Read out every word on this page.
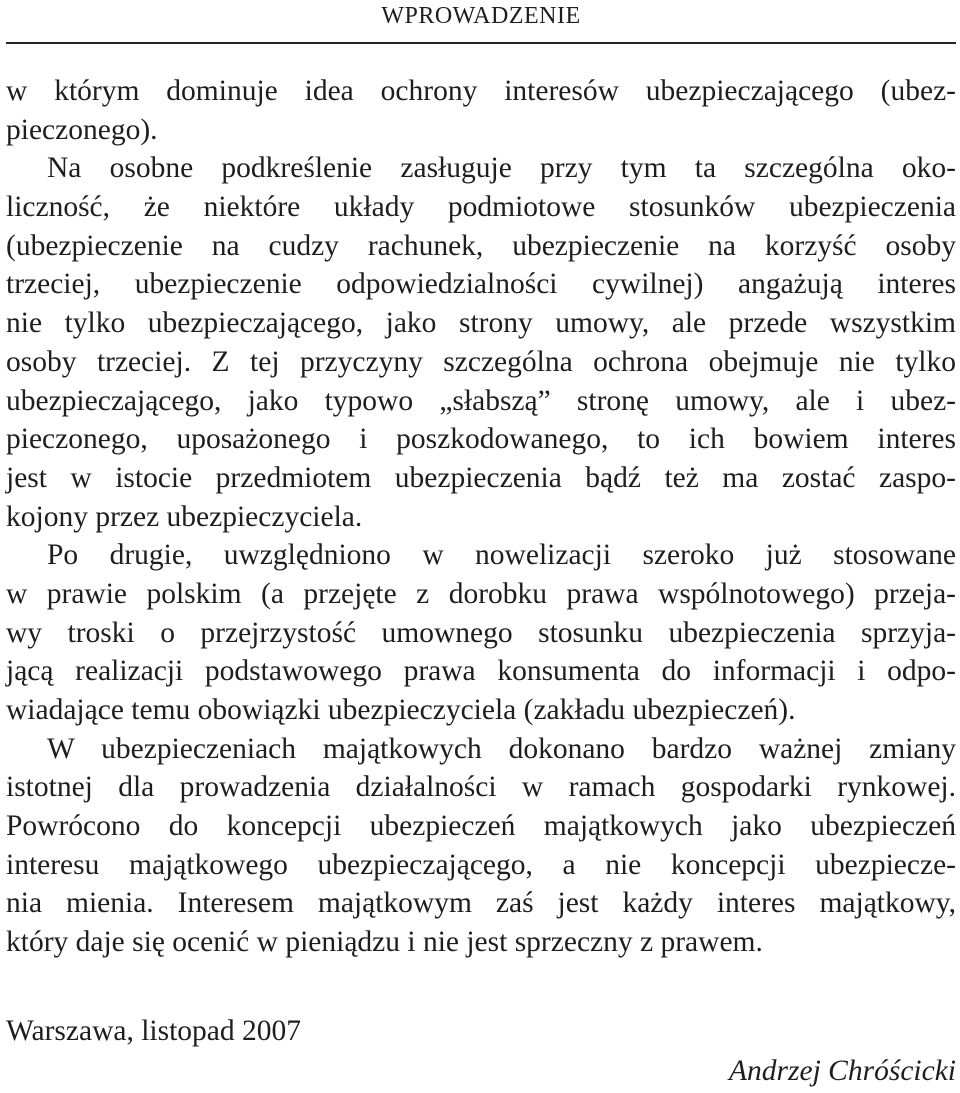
WPROWADZENIE
w którym dominuje idea ochrony interesów ubezpieczającego (ubez-
pieczonego).
Na osobne podkreślenie zasługuje przy tym ta szczególna oko-
liczność, że niektóre układy podmiotowe stosunków ubezpieczenia
(ubezpieczenie na cudzy rachunek, ubezpieczenie na korzyść osoby
trzeciej, ubezpieczenie odpowiedzialności cywilnej) angażują interes
nie tylko ubezpieczającego, jako strony umowy, ale przede wszystkim
osoby trzeciej. Z tej przyczyny szczególna ochrona obejmuje nie tylko
ubezpieczającego, jako typowo „słabszą” stronę umowy, ale i ubez-
pieczonego, uposażonego i poszkodowanego, to ich bowiem interes
jest w istocie przedmiotem ubezpieczenia bądź też ma zostać zaspo-
kojony przez ubezpieczyciela.
Po drugie, uwzględniono w nowelizacji szeroko już stosowane
w prawie polskim (a przejęte z dorobku prawa wspólnotowego) przeja-
wy troski o przejrzystość umownego stosunku ubezpieczenia sprzyja-
jącą realizacji podstawowego prawa konsumenta do informacji i odpo-
wiadające temu obowiązki ubezpieczyciela (zakładu ubezpieczeń).
W ubezpieczeniach majątkowych dokonano bardzo ważnej zmiany
istotnej dla prowadzenia działalności w ramach gospodarki rynkowej.
Powrócono do koncepcji ubezpieczeń majątkowych jako ubezpieczeń
interesu majątkowego ubezpieczającego, a nie koncepcji ubezpiecze-
nia mienia. Interesem majątkowym zaś jest każdy interes majątkowy,
który daje się ocenić w pieniądzu i nie jest sprzeczny z prawem.
Warszawa, listopad 2007
Andrzej Chróścicki
